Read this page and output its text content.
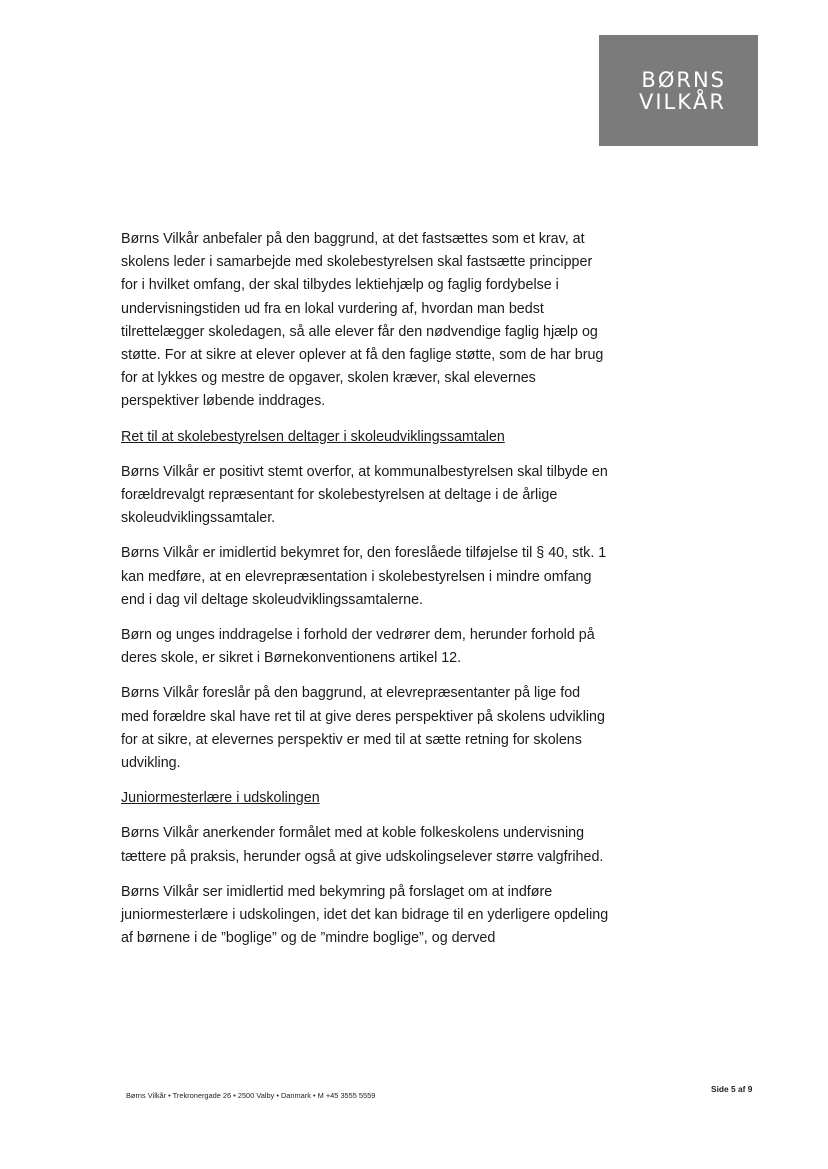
BØRNS
VILKÅR

Børns Vilkår anbefaler på den baggrund, at det fastsættes som et krav, at skolens leder i samarbejde med skolebestyrelsen skal fastsætte principper for i hvilket omfang, der skal tilbydes lektiehjælp og faglig fordybelse i undervisningstiden ud fra en lokal vurdering af, hvordan man bedst tilrettelægger skoledagen, så alle elever får den nødvendige faglig hjælp og støtte. For at sikre at elever oplever at få den faglige støtte, som de har brug for at lykkes og mestre de opgaver, skolen kræver, skal elevernes perspektiver løbende inddrages.

Ret til at skolebestyrelsen deltager i skoleudviklingssamtalen

Børns Vilkår er positivt stemt overfor, at kommunalbestyrelsen skal tilbyde en forældrevalgt repræsentant for skolebestyrelsen at deltage i de årlige skoleudviklingssamtaler.

Børns Vilkår er imidlertid bekymret for, den foreslåede tilføjelse til § 40, stk. 1 kan medføre, at en elevrepræsentation i skolebestyrelsen i mindre omfang end i dag vil deltage skoleudviklingssamtalerne.

Børn og unges inddragelse i forhold der vedrører dem, herunder forhold på deres skole, er sikret i Børnekonventionens artikel 12.

Børns Vilkår foreslår på den baggrund, at elevrepræsentanter på lige fod med forældre skal have ret til at give deres perspektiver på skolens udvikling for at sikre, at elevernes perspektiv er med til at sætte retning for skolens udvikling.

Juniormesterlære i udskolingen

Børns Vilkår anerkender formålet med at koble folkeskolens undervisning tættere på praksis, herunder også at give udskolingselever større valgfrihed.

Børns Vilkår ser imidlertid med bekymring på forslaget om at indføre juniormesterlære i udskolingen, idet det kan bidrage til en yderligere opdeling af børnene i de ”boglige” og de ”mindre boglige”, og derved

Børns Vilkår • Trekronergade 26 • 2500 Valby • Danmark • M +45 3555 5559
Side 5 af 9
